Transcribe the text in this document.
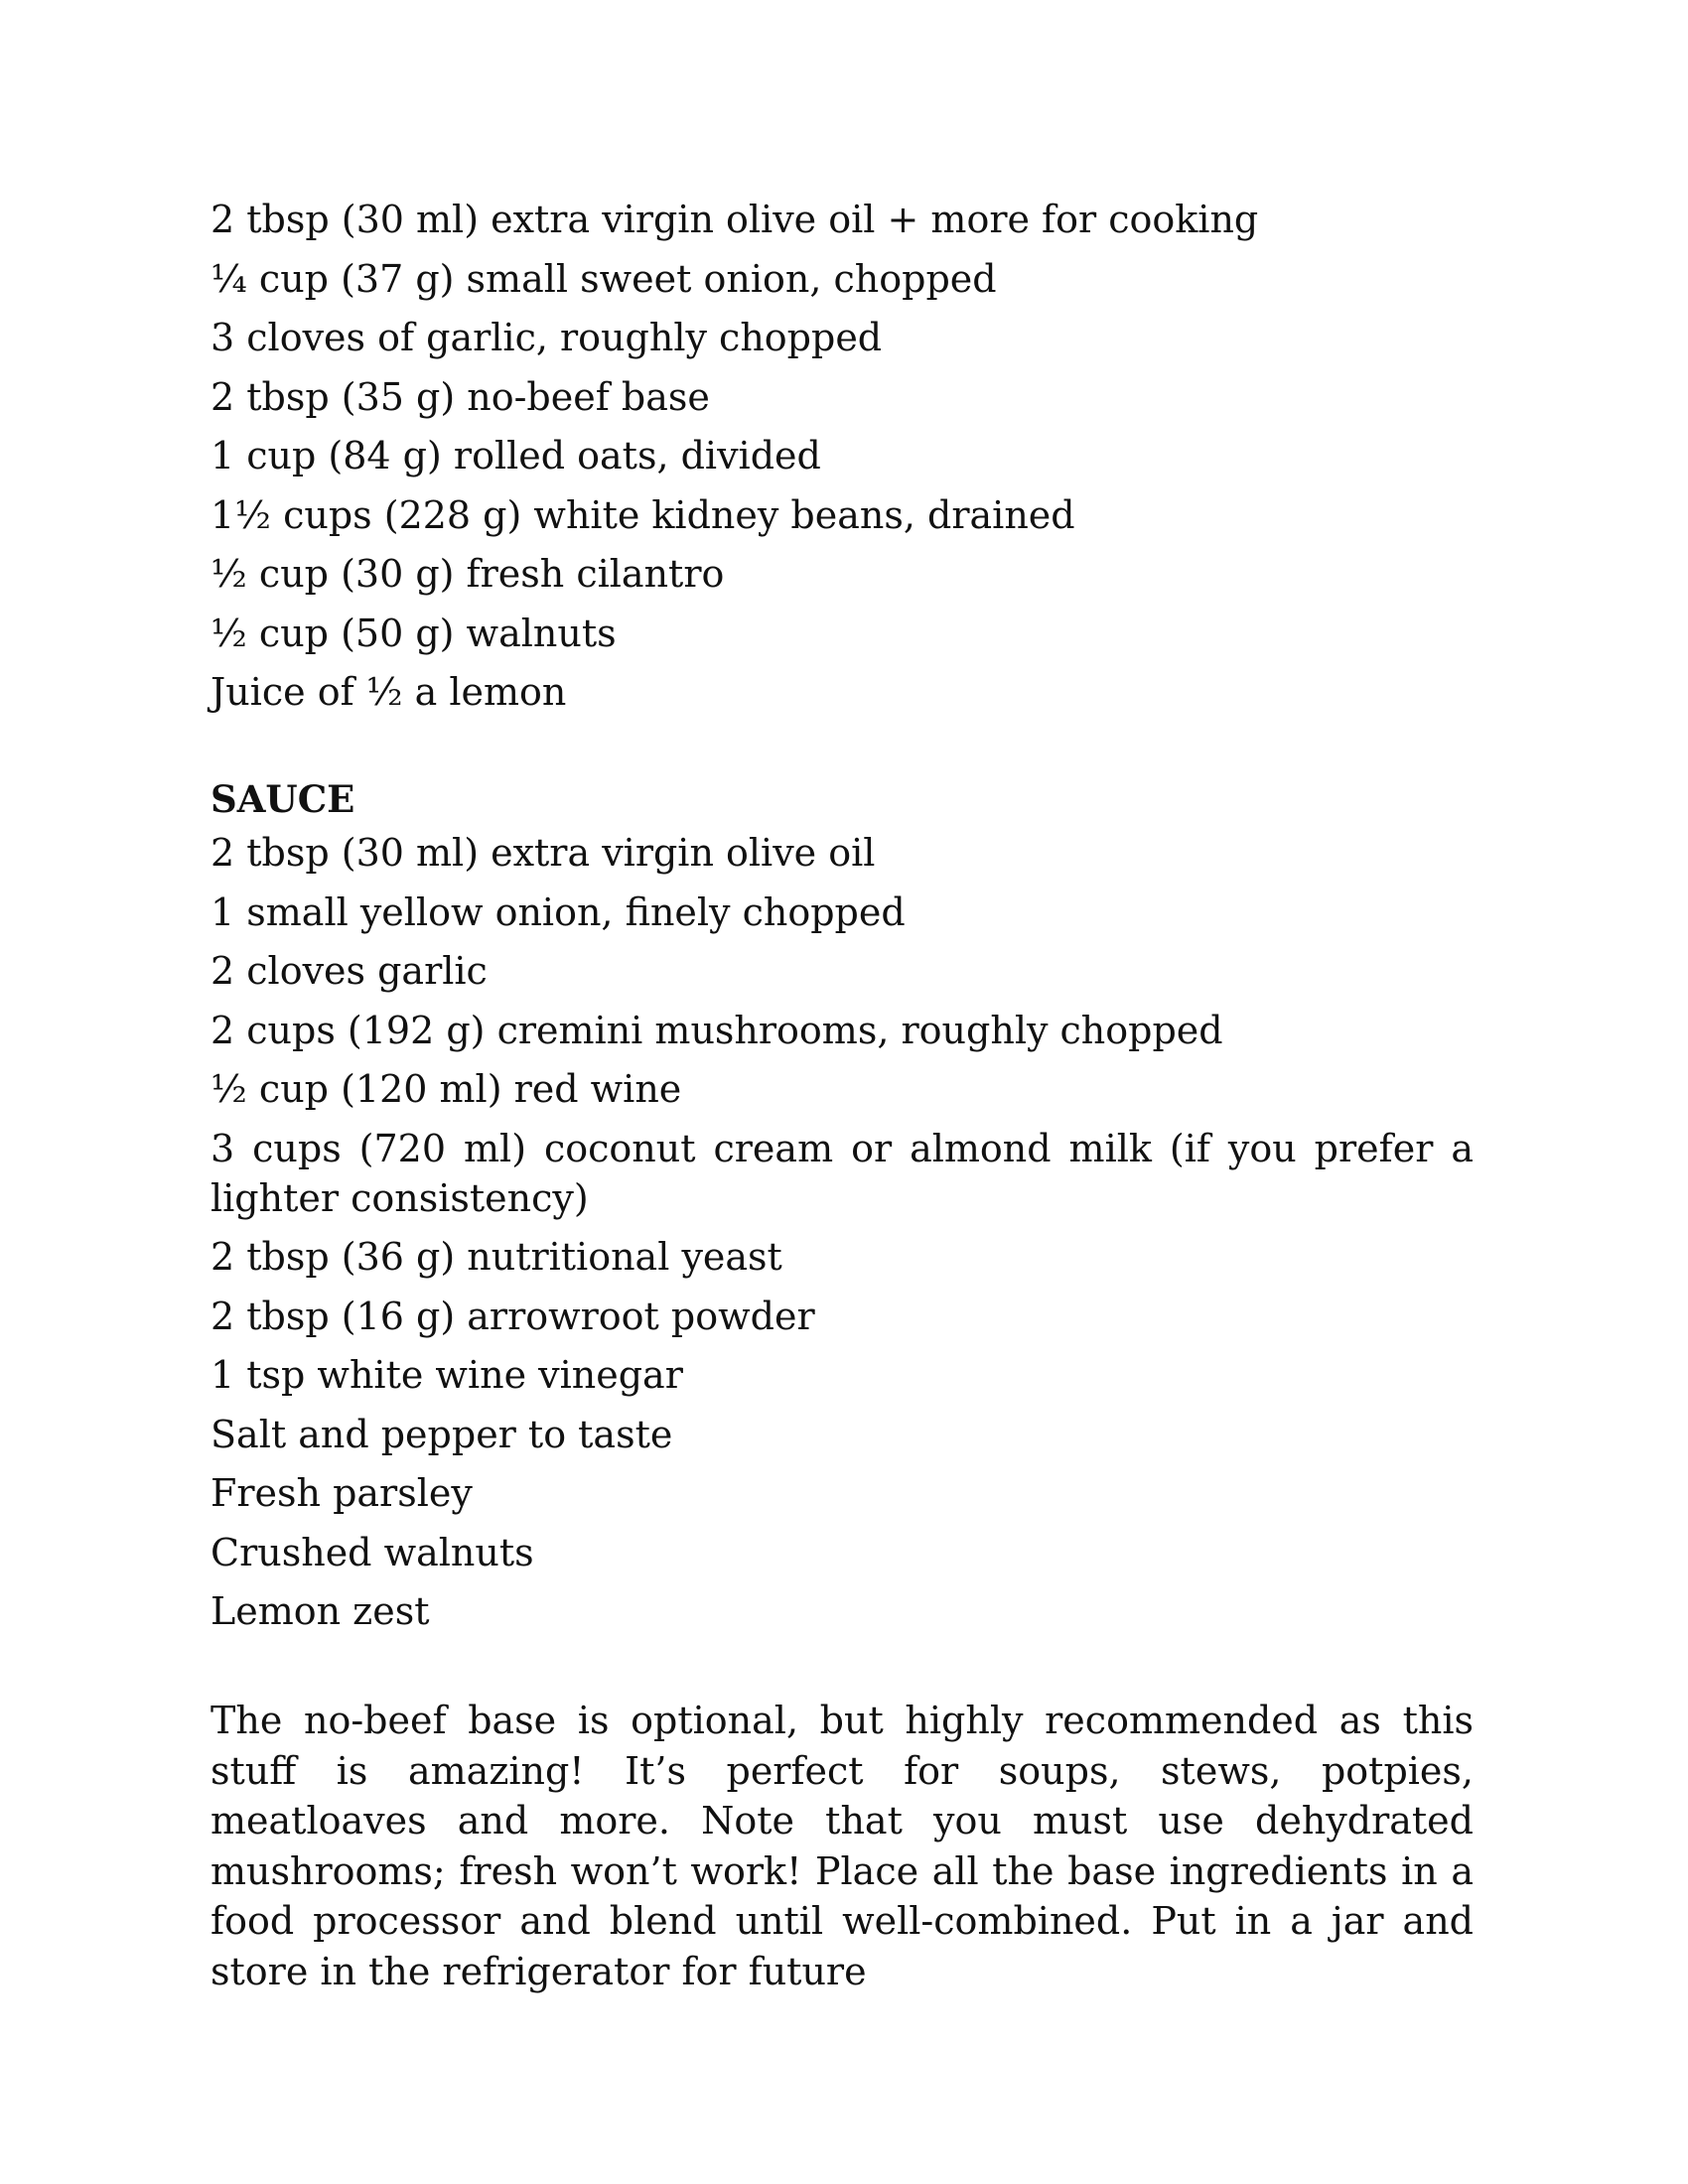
2 tbsp (30 ml) extra virgin olive oil + more for cooking
¼ cup (37 g) small sweet onion, chopped
3 cloves of garlic, roughly chopped
2 tbsp (35 g) no-beef base
1 cup (84 g) rolled oats, divided
1½ cups (228 g) white kidney beans, drained
½ cup (30 g) fresh cilantro
½ cup (50 g) walnuts
Juice of ½ a lemon
SAUCE
2 tbsp (30 ml) extra virgin olive oil
1 small yellow onion, finely chopped
2 cloves garlic
2 cups (192 g) cremini mushrooms, roughly chopped
½ cup (120 ml) red wine
3 cups (720 ml) coconut cream or almond milk (if you prefer a lighter consistency)
2 tbsp (36 g) nutritional yeast
2 tbsp (16 g) arrowroot powder
1 tsp white wine vinegar
Salt and pepper to taste
Fresh parsley
Crushed walnuts
Lemon zest

The no-beef base is optional, but highly recommended as this stuff is amazing! It’s perfect for soups, stews, potpies, meatloaves and more. Note that you must use dehydrated mushrooms; fresh won’t work! Place all the base ingredients in a food processor and blend until well-combined. Put in a jar and store in the refrigerator for future
